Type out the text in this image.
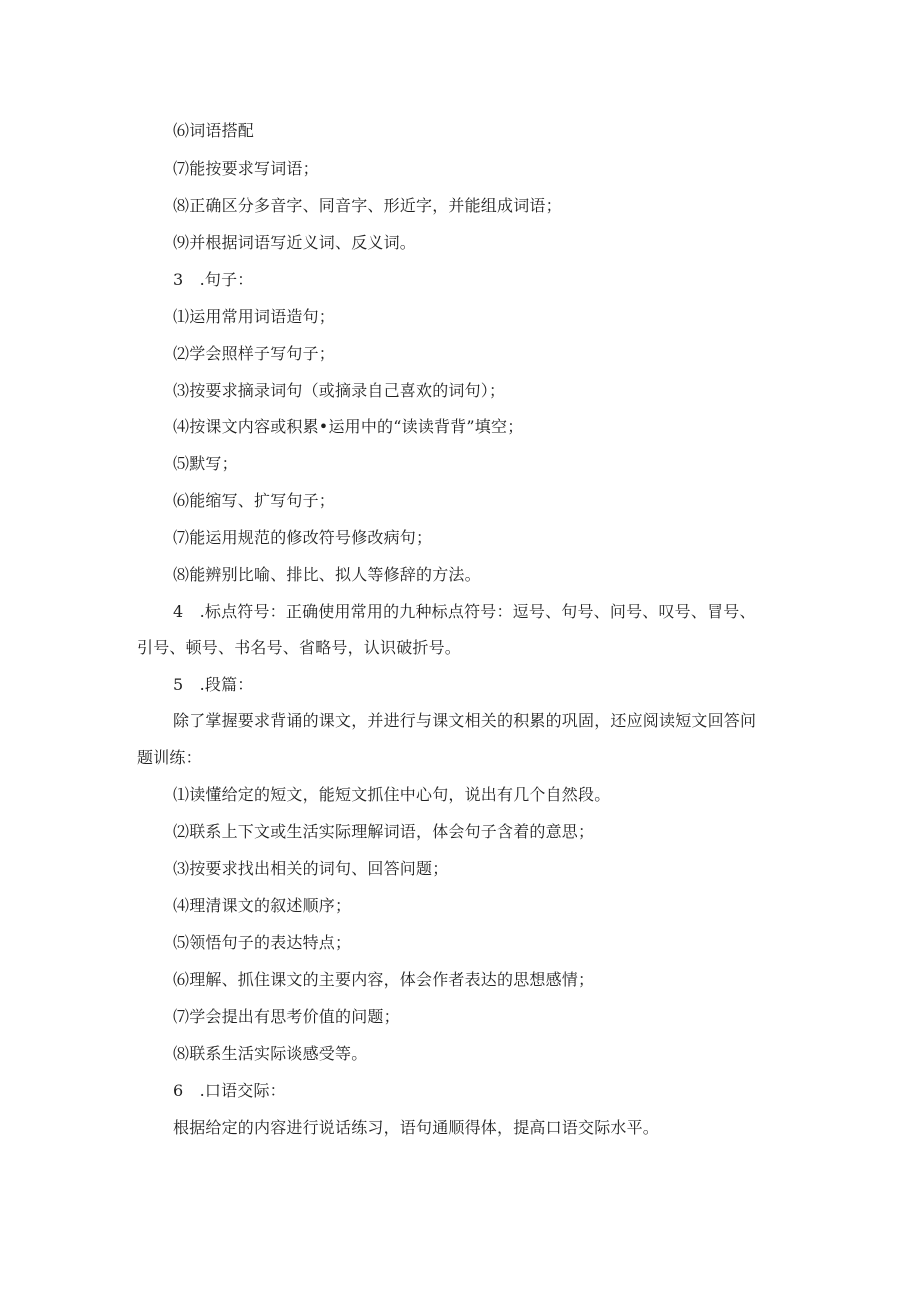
⑹词语搭配
⑺能按要求写词语；
⑻正确区分多音字、同音字、形近字，并能组成词语；
⑼并根据词语写近义词、反义词。
3　.句子：
⑴运用常用词语造句；
⑵学会照样子写句子；
⑶按要求摘录词句（或摘录自己喜欢的词句）；
⑷按课文内容或积累•运用中的“读读背背”填空；
⑸默写；
⑹能缩写、扩写句子；
⑺能运用规范的修改符号修改病句；
⑻能辨别比喻、排比、拟人等修辞的方法。
4　.标点符号：正确使用常用的九种标点符号：逗号、句号、问号、叹号、冒号、
引号、顿号、书名号、省略号，认识破折号。
5　.段篇：
除了掌握要求背诵的课文，并进行与课文相关的积累的巩固，还应阅读短文回答问
题训练：
⑴读懂给定的短文，能短文抓住中心句，说出有几个自然段。
⑵联系上下文或生活实际理解词语，体会句子含着的意思；
⑶按要求找出相关的词句、回答问题；
⑷理清课文的叙述顺序；
⑸领悟句子的表达特点；
⑹理解、抓住课文的主要内容，体会作者表达的思想感情；
⑺学会提出有思考价值的问题；
⑻联系生活实际谈感受等。
6　.口语交际：
根据给定的内容进行说话练习，语句通顺得体，提高口语交际水平。
